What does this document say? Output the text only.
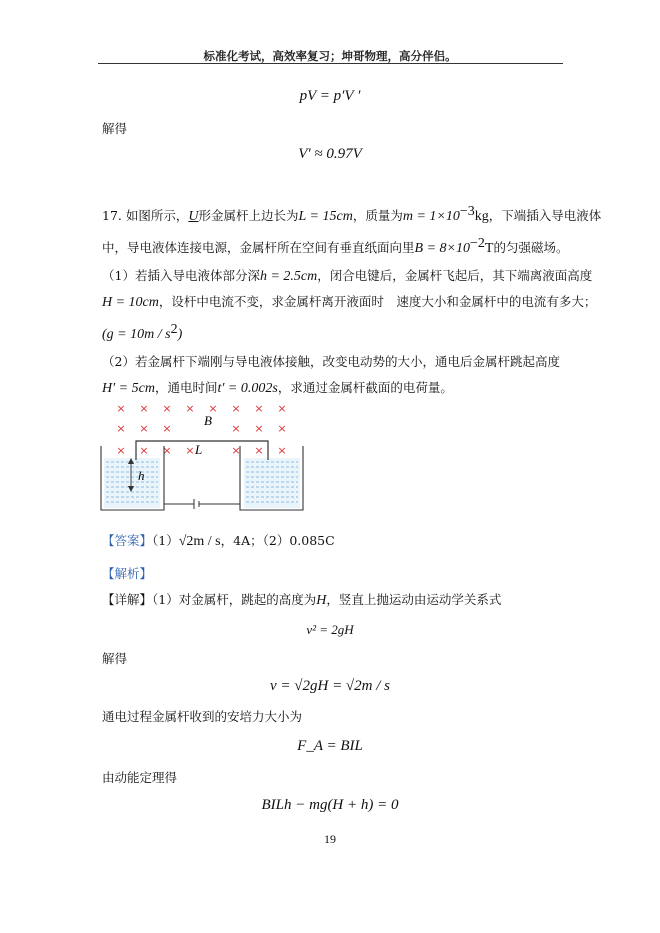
标准化考试，高效率复习；坤哥物理，高分伴侣。
pV = p′V ′
解得
V′ ≈ 0.97V
17. 如图所示，U形金属杆上边长为L = 15cm，质量为$m = 1\times 10^{-3}kg$，下端插入导电液体
中，导电液体连接电源，金属杆所在空间有垂直纸面向里$B = 8\times 10^{-2}T$的匀强磁场。
（1）若插入导电液体部分深h = 2.5cm，闭合电键后，金属杆飞起后，其下端离液面高度
H = 10cm，设杆中电流不变，求金属杆离开液面时　速度大小和金属杆中的电流有多大；
$(g = 10m / s^2)$
（2）若金属杆下端刚与导电液体接触，改变电动势的大小，通电后金属杆跳起高度
H′ = 5cm，通电时间t′ = 0.002s，求通过金属杆截面的电荷量。
× × × × × × × ×
× × ×	× × ×
× × × ×	× × ×
B
L
h
【答案】（1）√2m / s，4A；（2）0.085C
【解析】
【详解】（1）对金属杆，跳起的高度为H，竖直上抛运动由运动学关系式
v² = 2gH
解得
v = √2gH = √2m / s
通电过程金属杆收到的安培力大小为
F_A = BIL
由动能定理得
BILh − mg(H + h) = 0
19
